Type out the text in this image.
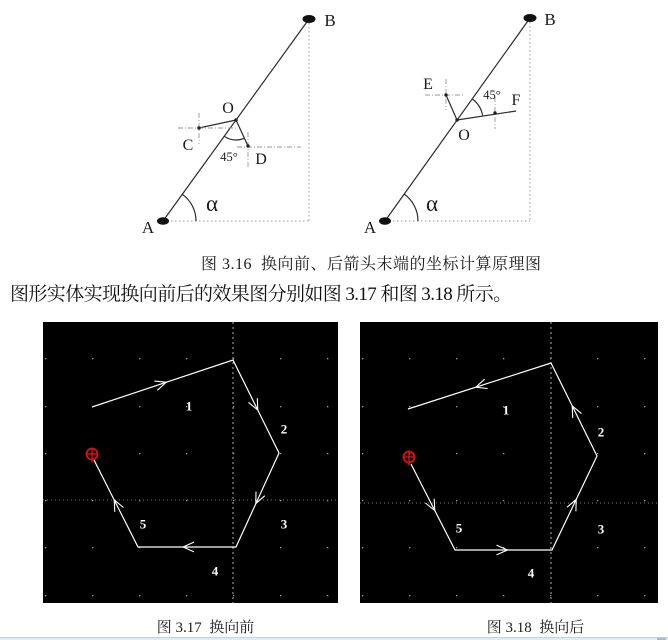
B
A
O
C
D
45°
α
B
A
E
F
O
45°
α
图 3.16  换向前、后箭头末端的坐标计算原理图
图形实体实现换向前后的效果图分别如图 3.17 和图 3.18 所示。
1
2
3
4
5
1
2
3
4
5
图 3.17  换向前	图 3.18  换向后
